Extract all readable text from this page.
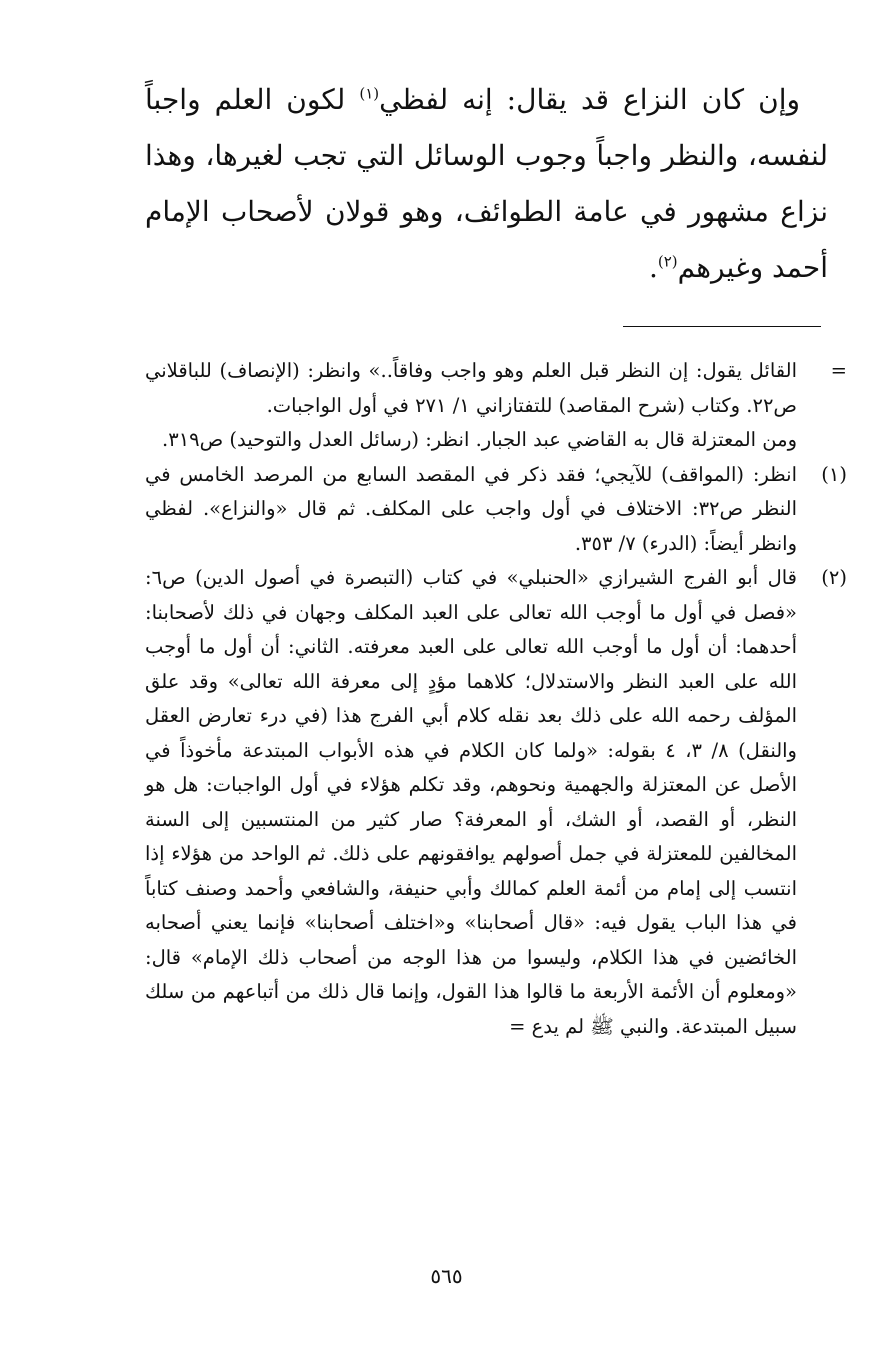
وإن كان النزاع قد يقال: إنه لفظي$^{(١)}$ لكون العلم واجباً لنفسه، والنظر واجباً وجوب الوسائل التي تجب لغيرها، وهذا نزاع مشهور في عامة الطوائف، وهو قولان لأصحاب الإمام أحمد وغيرهم$^{(٢)}$.

=

القائل يقول: إن النظر قبل العلم وهو واجب وفاقاً..» وانظر: (الإنصاف) للباقلاني ص٢٢. وكتاب (شرح المقاصد) للتفتازاني ١/ ٢٧١ في أول الواجبات.

ومن المعتزلة قال به القاضي عبد الجبار. انظر: (رسائل العدل والتوحيد) ص٣١٩.

(١)
انظر: (المواقف) للآيجي؛ فقد ذكر في المقصد السابع من المرصد الخامس في النظر ص٣٢: الاختلاف في أول واجب على المكلف. ثم قال «والنزاع». لفظي وانظر أيضاً: (الدرء) ٧/ ٣٥٣.
(٢)
قال أبو الفرج الشيرازي «الحنبلي» في كتاب (التبصرة في أصول الدين) ص٦: «فصل في أول ما أوجب الله تعالى على العبد المكلف وجهان في ذلك لأصحابنا: أحدهما: أن أول ما أوجب الله تعالى على العبد معرفته. الثاني: أن أول ما أوجب الله على العبد النظر والاستدلال؛ كلاهما مؤدٍ إلى معرفة الله تعالى» وقد علق المؤلف رحمه الله على ذلك بعد نقله كلام أبي الفرج هذا (في درء تعارض العقل والنقل) ٨/ ٣، ٤ بقوله: «ولما كان الكلام في هذه الأبواب المبتدعة مأخوذاً في الأصل عن المعتزلة والجهمية ونحوهم، وقد تكلم هؤلاء في أول الواجبات: هل هو النظر، أو القصد، أو الشك، أو المعرفة؟ صار كثير من المنتسبين إلى السنة المخالفين للمعتزلة في جمل أصولهم يوافقونهم على ذلك. ثم الواحد من هؤلاء إذا انتسب إلى إمام من أئمة العلم كمالك وأبي حنيفة، والشافعي وأحمد وصنف كتاباً في هذا الباب يقول فيه: «قال أصحابنا» و«اختلف أصحابنا» فإنما يعني أصحابه الخائضين في هذا الكلام، وليسوا من هذا الوجه من أصحاب ذلك الإمام» قال: «ومعلوم أن الأئمة الأربعة ما قالوا هذا القول، وإنما قال ذلك من أتباعهم من سلك سبيل المبتدعة. والنبي ﷺ لم يدع =
٥٦٥
